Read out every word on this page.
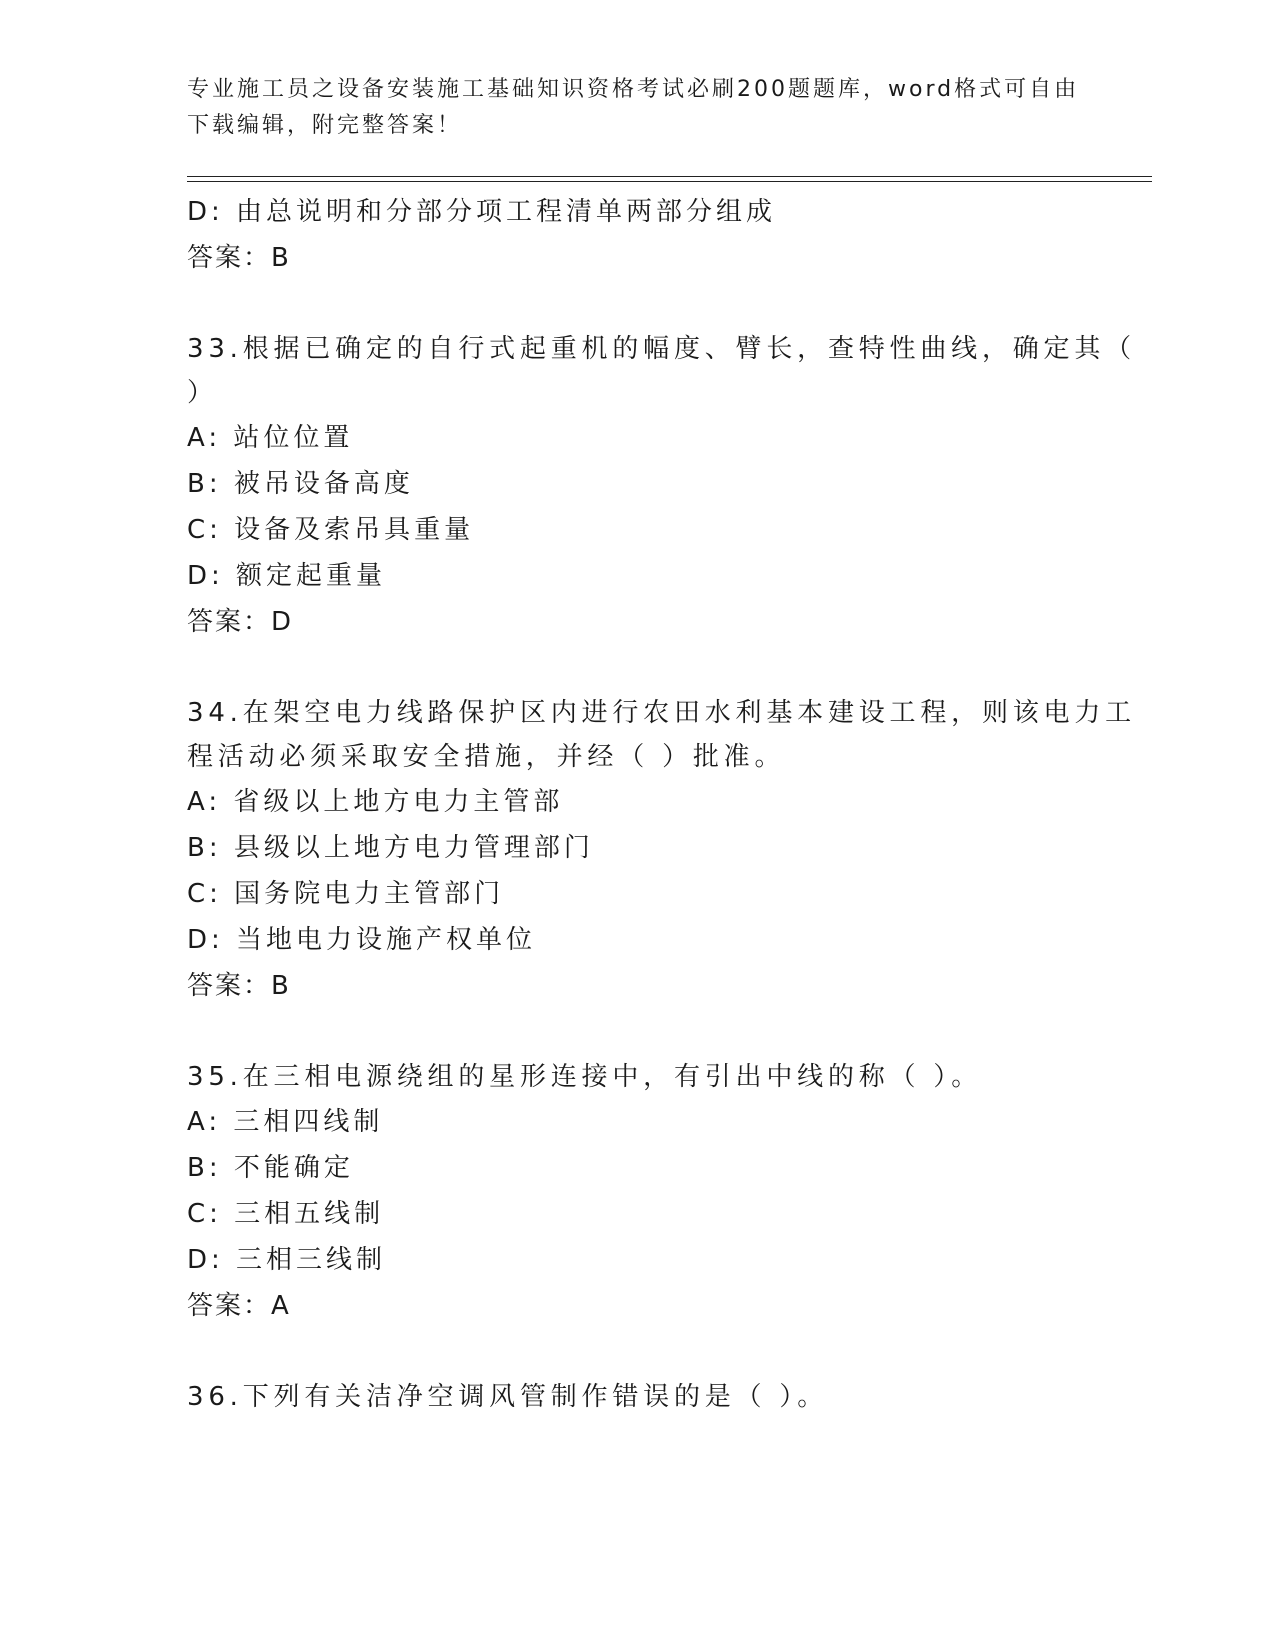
专业施工员之设备安装施工基础知识资格考试必刷200题题库，word格式可自由
下载编辑，附完整答案！
D: 由总说明和分部分项工程清单两部分组成
答案：B
33.根据已确定的自行式起重机的幅度、臂长，查特性曲线，确定其（
）
A: 站位位置
B: 被吊设备高度
C: 设备及索吊具重量
D: 额定起重量
答案：D
34.在架空电力线路保护区内进行农田水利基本建设工程，则该电力工
程活动必须采取安全措施，并经（ ）批准。
A: 省级以上地方电力主管部
B: 县级以上地方电力管理部门
C: 国务院电力主管部门
D: 当地电力设施产权单位
答案：B
35.在三相电源绕组的星形连接中，有引出中线的称（ ）。
A: 三相四线制
B: 不能确定
C: 三相五线制
D: 三相三线制
答案：A
36.下列有关洁净空调风管制作错误的是（ ）。
